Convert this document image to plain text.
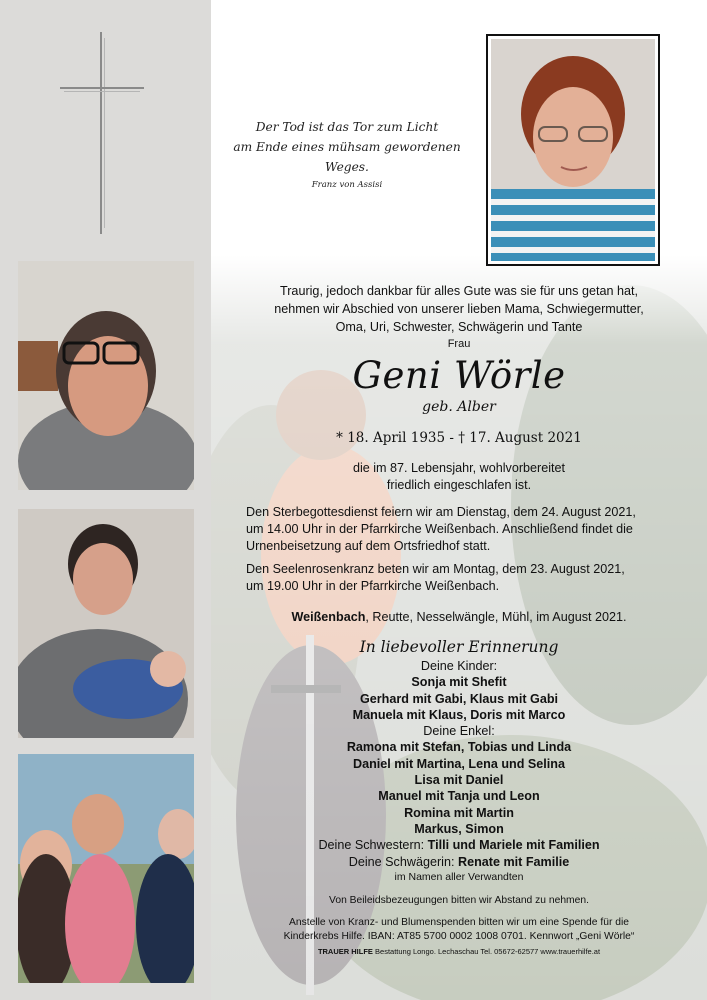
Der Tod ist das Tor zum Licht
am Ende eines mühsam gewordenen Weges.
Franz von Assisi
Traurig, jedoch dankbar für alles Gute was sie für uns getan hat,
nehmen wir Abschied von unserer lieben Mama, Schwiegermutter,
Oma, Uri, Schwester, Schwägerin und Tante
Frau
Geni Wörle
geb. Alber
* 18. April 1935 - † 17. August 2021
die im 87. Lebensjahr, wohlvorbereitet
friedlich eingeschlafen ist.
Den Sterbegottesdienst feiern wir am Dienstag, dem 24. August 2021,
um 14.00 Uhr in der Pfarrkirche Weißenbach. Anschließend findet die
Urnenbeisetzung auf dem Ortsfriedhof statt.
Den Seelenrosenkranz beten wir am Montag, dem 23. August 2021,
um 19.00 Uhr in der Pfarrkirche Weißenbach.
Weißenbach, Reutte, Nesselwängle, Mühl, im August 2021.
In liebevoller Erinnerung
Deine Kinder:
Sonja mit Shefit
Gerhard mit Gabi, Klaus mit Gabi
Manuela mit Klaus, Doris mit Marco
Deine Enkel:
Ramona mit Stefan, Tobias und Linda
Daniel mit Martina, Lena und Selina
Lisa mit Daniel
Manuel mit Tanja und Leon
Romina mit Martin
Markus, Simon
Deine Schwestern: Tilli und Mariele mit Familien
Deine Schwägerin: Renate mit Familie
im Namen aller Verwandten
Von Beileidsbezeugungen bitten wir Abstand zu nehmen.
Anstelle von Kranz- und Blumenspenden bitten wir um eine Spende für die
Kinderkrebs Hilfe. IBAN: AT85 5700 0002 1008 0701. Kennwort „Geni Wörle“
TRAUER HILFE Bestattung Longo. Lechaschau Tel. 05672-62577 www.trauerhilfe.at
